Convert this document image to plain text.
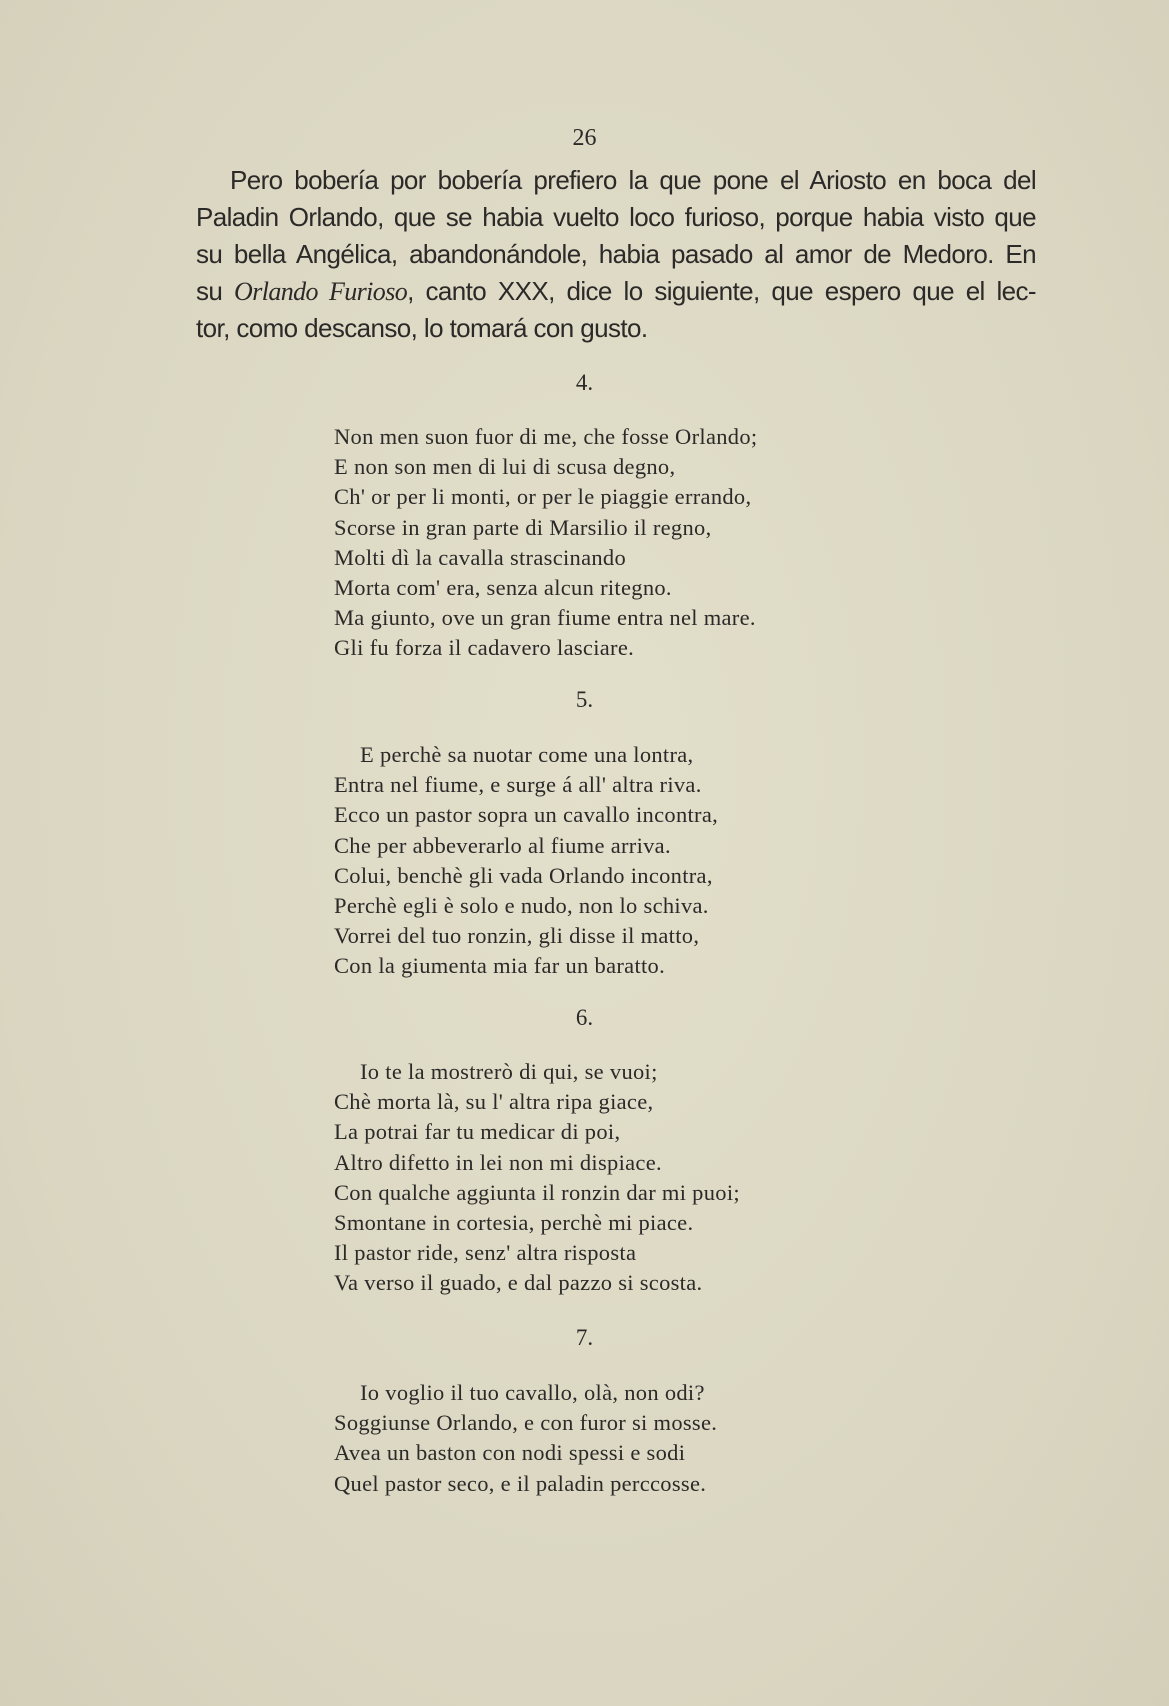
26
Pero bobería por bobería prefiero la que pone el Ariosto en boca del
Paladin Orlando, que se habia vuelto loco furioso, porque habia visto que
su bella Angélica, abandonándole, habia pasado al amor de Medoro. En
su Orlando Furioso, canto XXX, dice lo siguiente, que espero que el lec-
tor, como descanso, lo tomará con gusto.
4.
Non men suon fuor di me, che fosse Orlando;
E non son men di lui di scusa degno,
Ch' or per li monti, or per le piaggie errando,
Scorse in gran parte di Marsilio il regno,
Molti dì la cavalla strascinando
Morta com' era, senza alcun ritegno.
Ma giunto, ove un gran fiume entra nel mare.
Gli fu forza il cadavero lasciare.
5.
E perchè sa nuotar come una lontra,
Entra nel fiume, e surge á all' altra riva.
Ecco un pastor sopra un cavallo incontra,
Che per abbeverarlo al fiume arriva.
Colui, benchè gli vada Orlando incontra,
Perchè egli è solo e nudo, non lo schiva.
Vorrei del tuo ronzin, gli disse il matto,
Con la giumenta mia far un baratto.
6.
Io te la mostrerò di qui, se vuoi;
Chè morta là, su l' altra ripa giace,
La potrai far tu medicar di poi,
Altro difetto in lei non mi dispiace.
Con qualche aggiunta il ronzin dar mi puoi;
Smontane in cortesia, perchè mi piace.
Il pastor ride, senz' altra risposta
Va verso il guado, e dal pazzo si scosta.
7.
Io voglio il tuo cavallo, olà, non odi?
Soggiunse Orlando, e con furor si mosse.
Avea un baston con nodi spessi e sodi
Quel pastor seco, e il paladin perccosse.
